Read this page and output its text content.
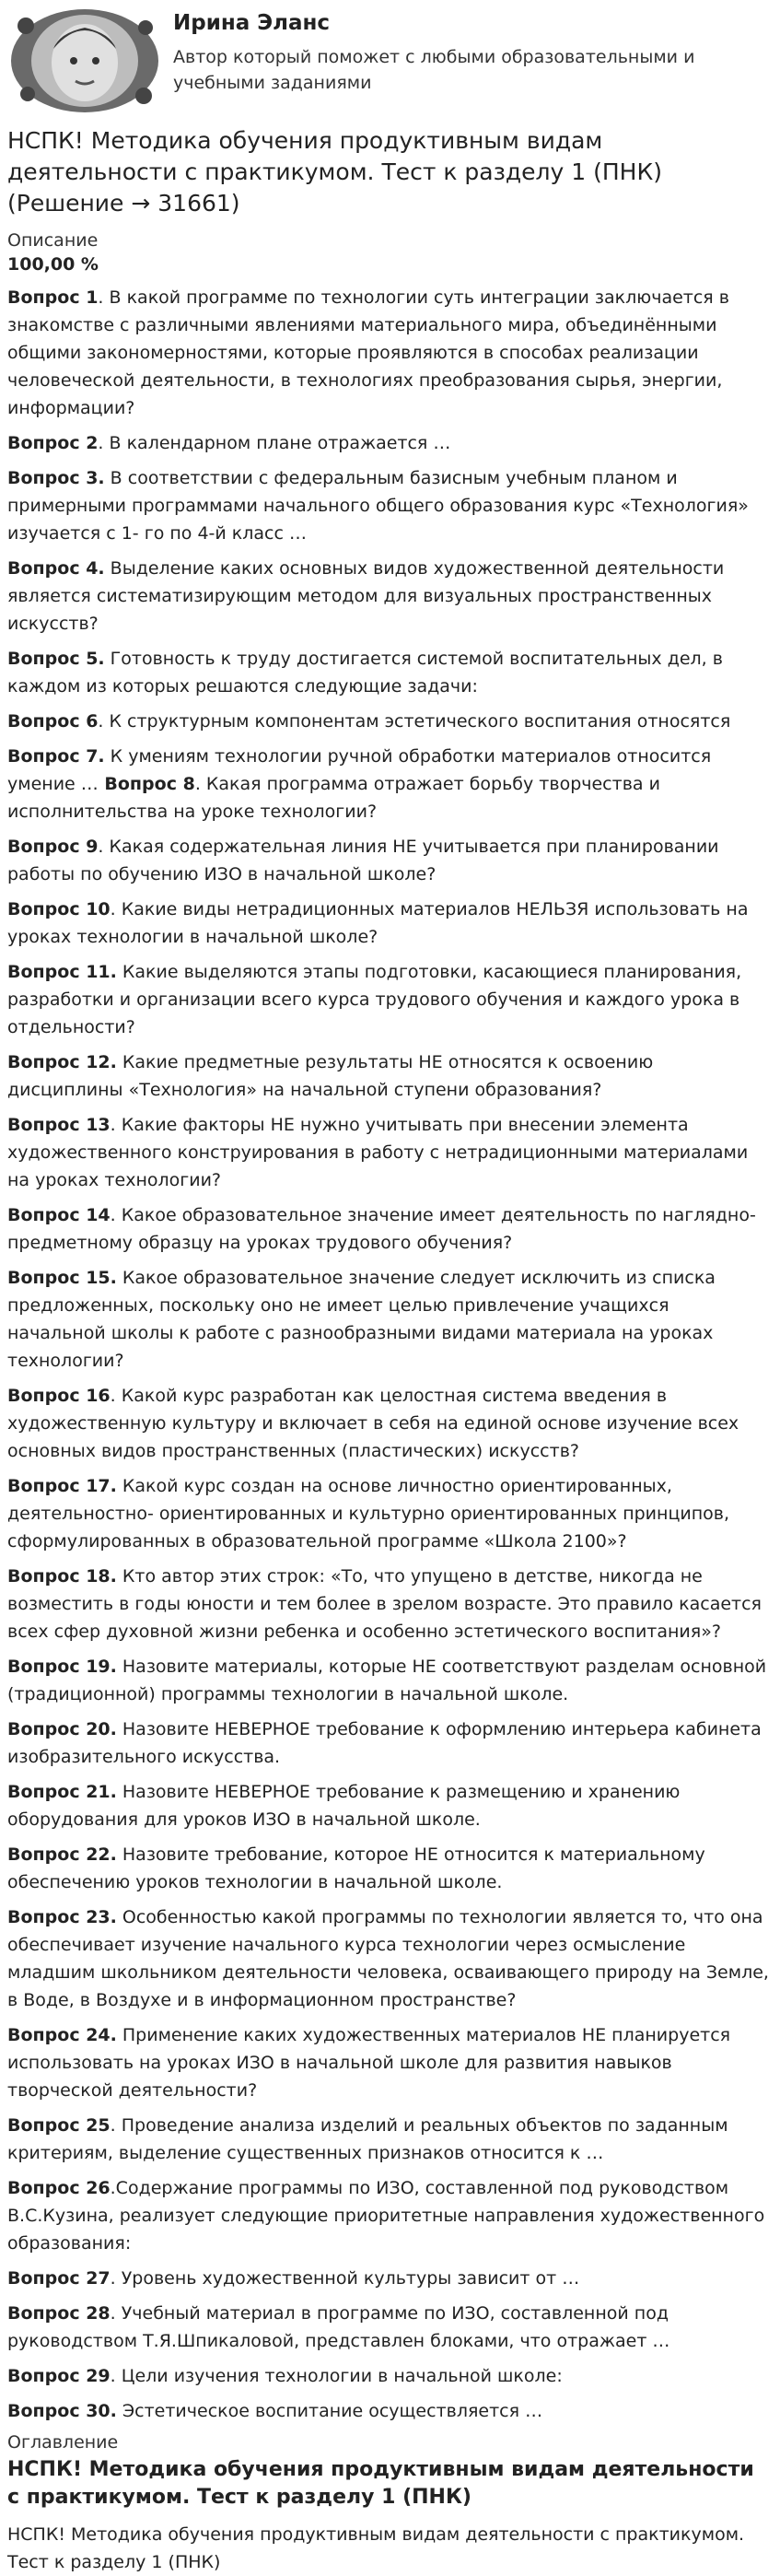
Ирина Эланс
Автор который поможет с любыми образовательными и учебными заданиями
НСПК! Методика обучения продуктивным видам деятельности с практикумом. Тест к разделу 1 (ПНК) (Решение → 31661)
Описание
100,00 %

Вопрос 1. В какой программе по технологии суть интеграции заключается в знакомстве с различными явлениями материального мира, объединёнными общими закономерностями, которые проявляются в способах реализации человеческой деятельности, в технологиях преобразования сырья, энергии, информации?

Вопрос 2. В календарном плане отражается …

Вопрос 3. В соответствии с федеральным базисным учебным планом и примерными программами начального общего образования курс «Технология» изучается с 1- го по 4-й класс …

Вопрос 4. Выделение каких основных видов художественной деятельности является систематизирующим методом для визуальных пространственных искусств?

Вопрос 5. Готовность к труду достигается системой воспитательных дел, в каждом из которых решаются следующие задачи:

Вопрос 6. К структурным компонентам эстетического воспитания относятся

Вопрос 7. К умениям технологии ручной обработки материалов относится умение … Вопрос 8. Какая программа отражает борьбу творчества и исполнительства на уроке технологии?

Вопрос 9. Какая содержательная линия НЕ учитывается при планировании работы по обучению ИЗО в начальной школе?

Вопрос 10. Какие виды нетрадиционных материалов НЕЛЬЗЯ использовать на уроках технологии в начальной школе?

Вопрос 11. Какие выделяются этапы подготовки, касающиеся планирования, разработки и организации всего курса трудового обучения и каждого урока в отдельности?

Вопрос 12. Какие предметные результаты НЕ относятся к освоению дисциплины «Технология» на начальной ступени образования?

Вопрос 13. Какие факторы НЕ нужно учитывать при внесении элемента художественного конструирования в работу с нетрадиционными материалами на уроках технологии?

Вопрос 14. Какое образовательное значение имеет деятельность по наглядно-предметному образцу на уроках трудового обучения?

Вопрос 15. Какое образовательное значение следует исключить из списка предложенных, поскольку оно не имеет целью привлечение учащихся начальной школы к работе с разнообразными видами материала на уроках технологии?

Вопрос 16. Какой курс разработан как целостная система введения в художественную культуру и включает в себя на единой основе изучение всех основных видов пространственных (пластических) искусств?

Вопрос 17. Какой курс создан на основе личностно ориентированных, деятельностно- ориентированных и культурно ориентированных принципов, сформулированных в образовательной программе «Школа 2100»?

Вопрос 18. Кто автор этих строк: «То, что упущено в детстве, никогда не возместить в годы юности и тем более в зрелом возрасте. Это правило касается всех сфер духовной жизни ребенка и особенно эстетического воспитания»?

Вопрос 19. Назовите материалы, которые НЕ соответствуют разделам основной (традиционной) программы технологии в начальной школе.

Вопрос 20. Назовите НЕВЕРНОЕ требование к оформлению интерьера кабинета изобразительного искусства.

Вопрос 21. Назовите НЕВЕРНОЕ требование к размещению и хранению оборудования для уроков ИЗО в начальной школе.

Вопрос 22. Назовите требование, которое НЕ относится к материальному обеспечению уроков технологии в начальной школе.

Вопрос 23. Особенностью какой программы по технологии является то, что она обеспечивает изучение начального курса технологии через осмысление младшим школьником деятельности человека, осваивающего природу на Земле, в Воде, в Воздухе и в информационном пространстве?

Вопрос 24. Применение каких художественных материалов НЕ планируется использовать на уроках ИЗО в начальной школе для развития навыков творческой деятельности?

Вопрос 25. Проведение анализа изделий и реальных объектов по заданным критериям, выделение существенных признаков относится к …

Вопрос 26.Содержание программы по ИЗО, составленной под руководством В.С.Кузина, реализует следующие приоритетные направления художественного образования:

Вопрос 27. Уровень художественной культуры зависит от …

Вопрос 28. Учебный материал в программе по ИЗО, составленной под руководством Т.Я.Шпикаловой, представлен блоками, что отражает …

Вопрос 29. Цели изучения технологии в начальной школе:

Вопрос 30. Эстетическое воспитание осуществляется …

Оглавление
НСПК! Методика обучения продуктивным видам деятельности с практикумом. Тест к разделу 1 (ПНК)
НСПК! Методика обучения продуктивным видам деятельности с практикумом. Тест к разделу 1 (ПНК)
